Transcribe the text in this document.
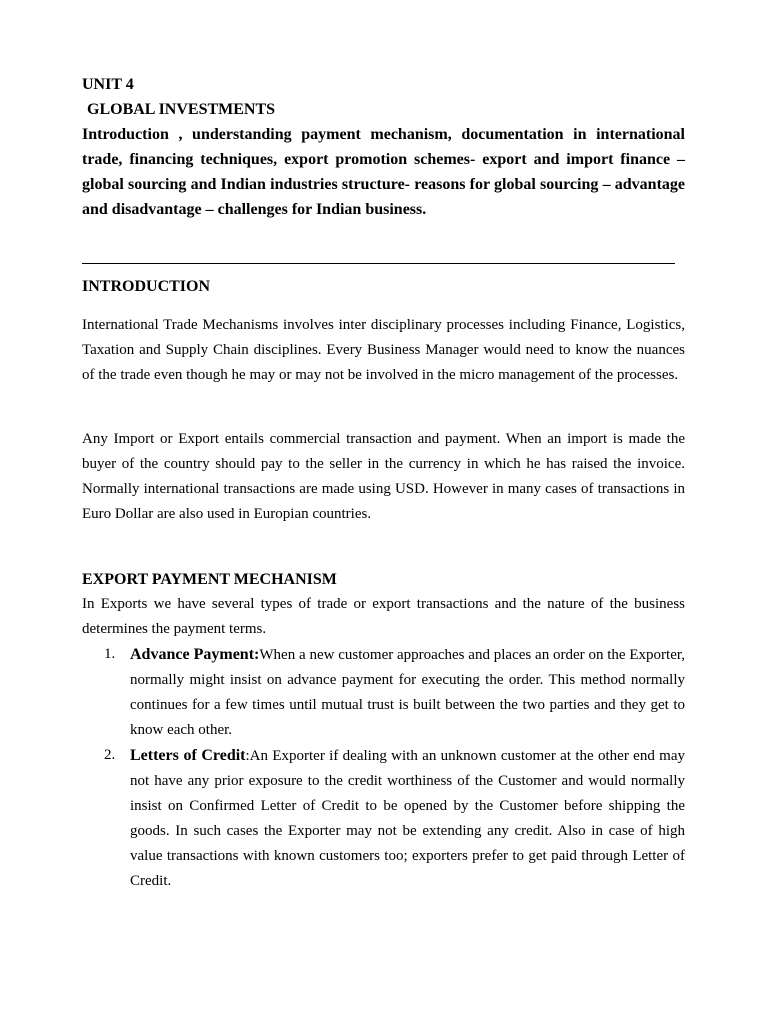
UNIT 4

GLOBAL INVESTMENTS

Introduction , understanding payment mechanism, documentation in international trade, financing techniques, export promotion schemes- export and import finance – global sourcing and Indian industries structure- reasons for global sourcing – advantage and disadvantage – challenges for Indian business.

INTRODUCTION

International Trade Mechanisms involves inter disciplinary processes including Finance, Logistics, Taxation and Supply Chain disciplines. Every Business Manager would need to know the nuances of the trade even though he may or may not be involved in the micro management of the processes.

Any Import or Export entails commercial transaction and payment. When an import is made the buyer of the country should pay to the seller in the currency in which he has raised the invoice. Normally international transactions are made using USD. However in many cases of transactions in Euro Dollar are also used in Europian countries.

EXPORT PAYMENT MECHANISM

In Exports we have several types of trade or export transactions and the nature of the business determines the payment terms.

1. Advance Payment:When a new customer approaches and places an order on the Exporter, normally might insist on advance payment for executing the order. This method normally continues for a few times until mutual trust is built between the two parties and they get to know each other.

2. Letters of Credit:An Exporter if dealing with an unknown customer at the other end may not have any prior exposure to the credit worthiness of the Customer and would normally insist on Confirmed Letter of Credit to be opened by the Customer before shipping the goods. In such cases the Exporter may not be extending any credit. Also in case of high value transactions with known customers too; exporters prefer to get paid through Letter of Credit.
